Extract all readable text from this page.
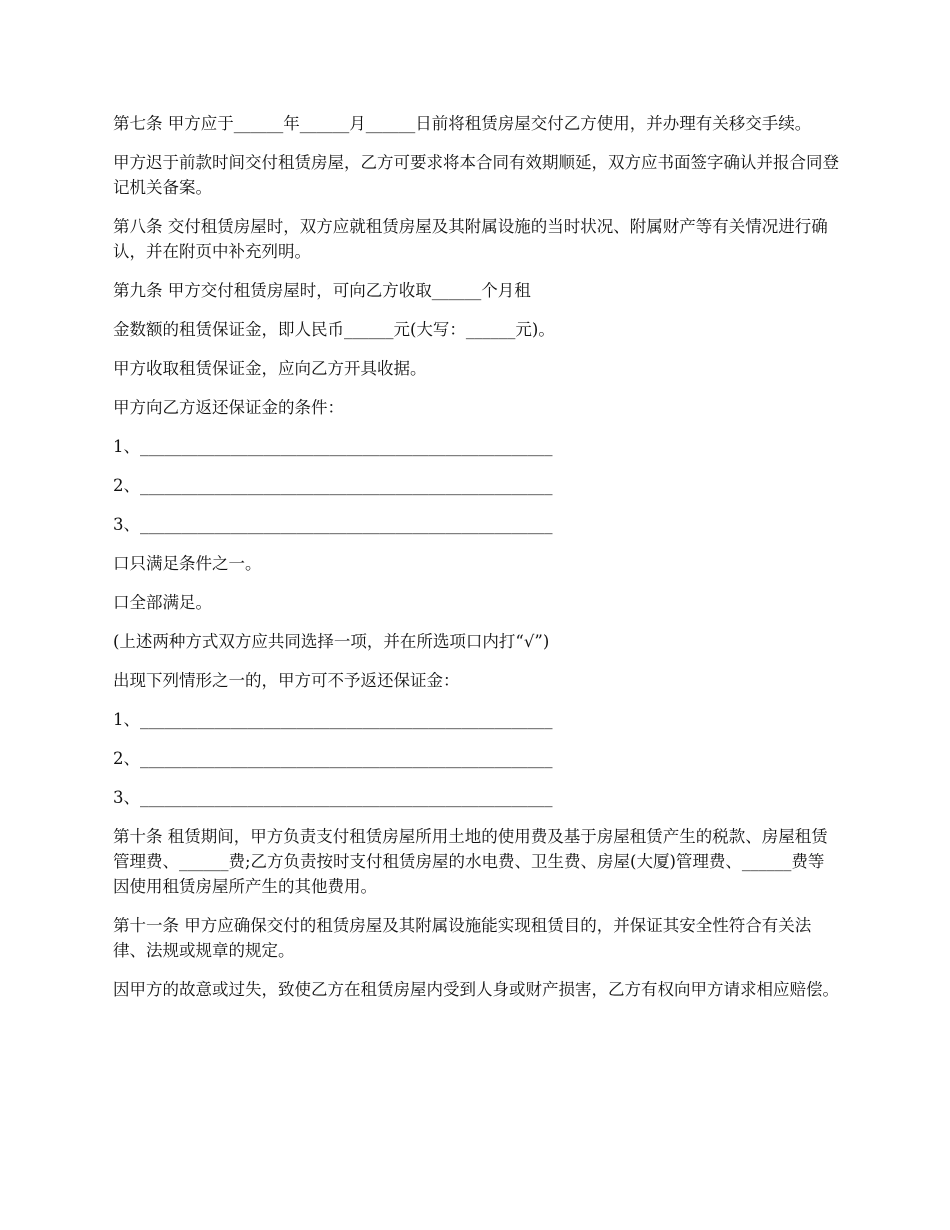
第七条 甲方应于______年______月______日前将租赁房屋交付乙方使用，并办理有关移交手续。

甲方迟于前款时间交付租赁房屋，乙方可要求将本合同有效期顺延，双方应书面签字确认并报合同登记机关备案。

第八条 交付租赁房屋时，双方应就租赁房屋及其附属设施的当时状况、附属财产等有关情况进行确认，并在附页中补充列明。

第九条 甲方交付租赁房屋时，可向乙方收取______个月租

金数额的租赁保证金，即人民币______元(大写：______元)。

甲方收取租赁保证金，应向乙方开具收据。

甲方向乙方返还保证金的条件：

1、__________________________________________________

2、__________________________________________________

3、__________________________________________________

口只满足条件之一。

口全部满足。

(上述两种方式双方应共同选择一项，并在所选项口内打“√”)

出现下列情形之一的，甲方可不予返还保证金：

1、__________________________________________________

2、__________________________________________________

3、__________________________________________________

第十条 租赁期间，甲方负责支付租赁房屋所用土地的使用费及基于房屋租赁产生的税款、房屋租赁管理费、______费;乙方负责按时支付租赁房屋的水电费、卫生费、房屋(大厦)管理费、______费等因使用租赁房屋所产生的其他费用。

第十一条 甲方应确保交付的租赁房屋及其附属设施能实现租赁目的，并保证其安全性符合有关法律、法规或规章的规定。

因甲方的故意或过失，致使乙方在租赁房屋内受到人身或财产损害，乙方有权向甲方请求相应赔偿。
